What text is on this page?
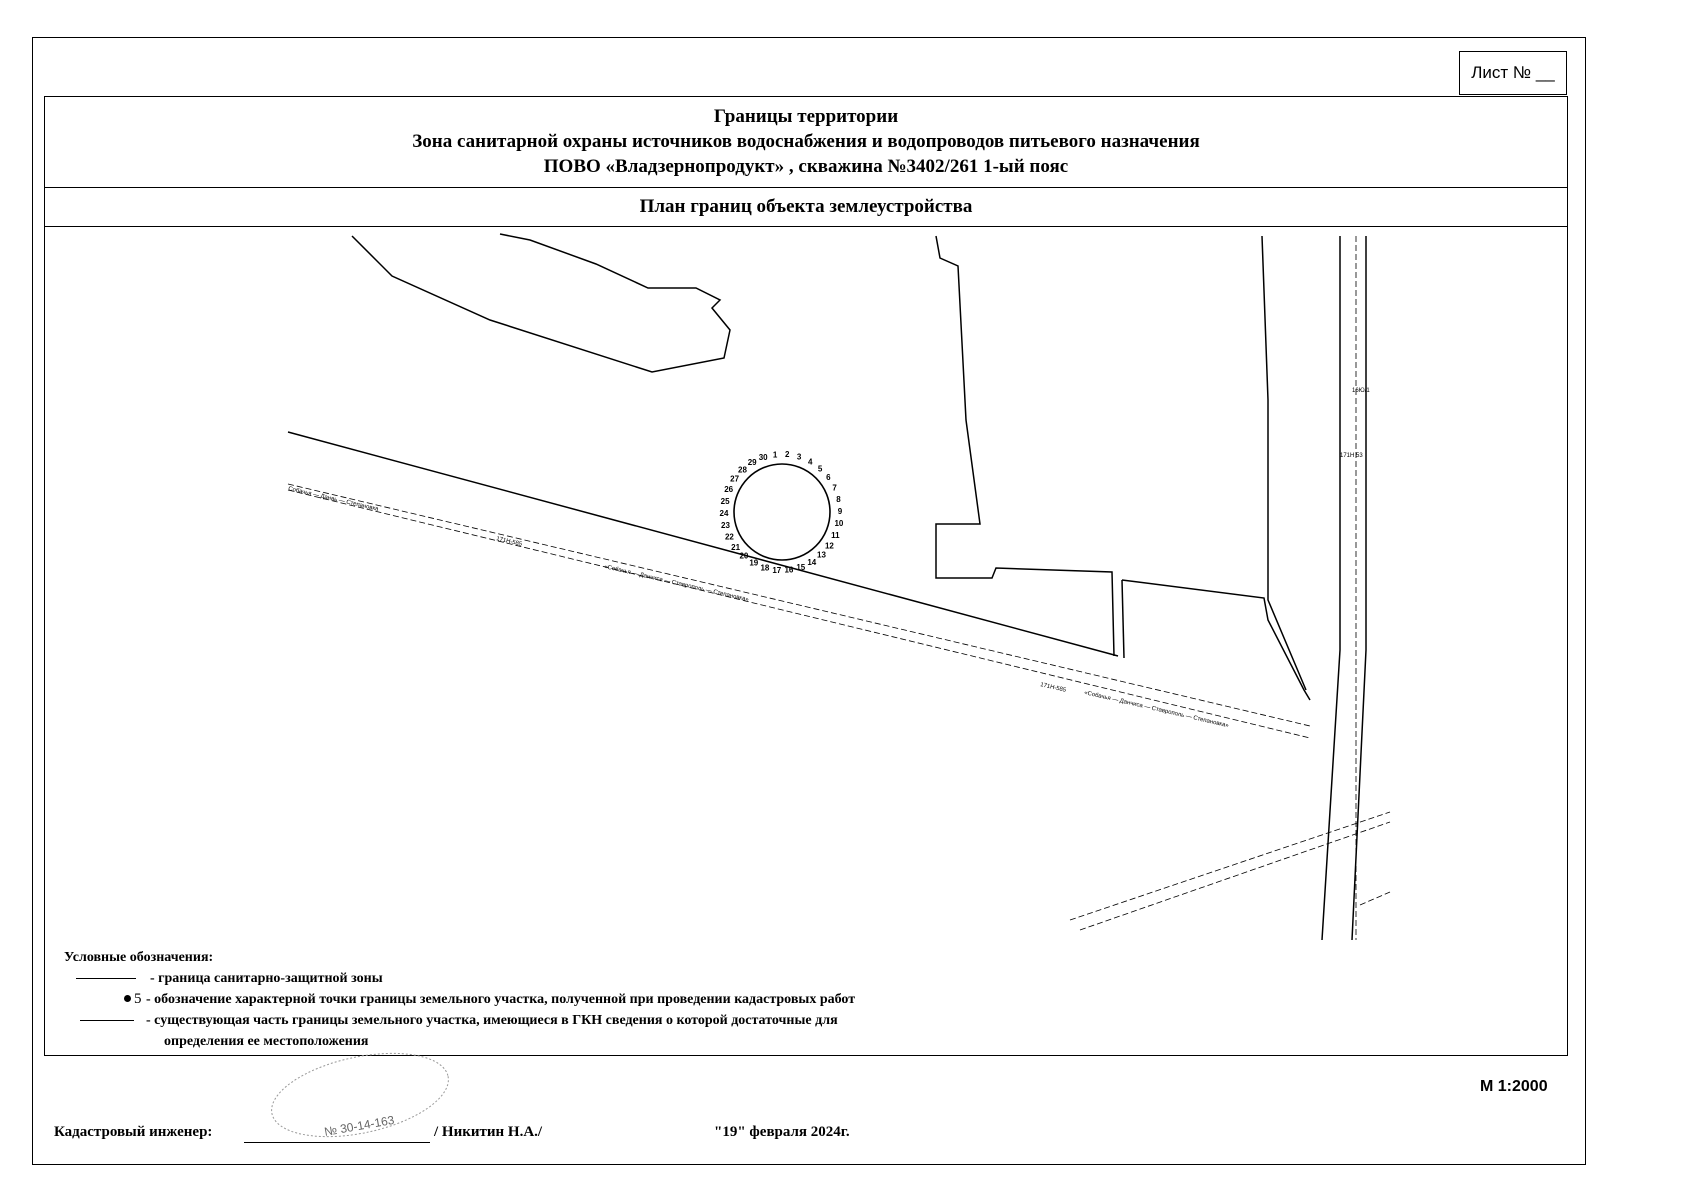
Лист № __
Границы территории
Зона санитарной охраны источников водоснабжения и водопроводов питьевого назначения
ПОВО «Владзернопродукт» , скважина №3402/261 1-ый пояс
План границ объекта землеустройства
1 2 3
4
5
6
7
8
9
10
11
12
13
14
15
16
17
18
19
20
21
22
23
24
25
26
27
28
29
30
Собачья — Данаь — Степановка
171Н-585
«Собачья — Данчиса — Ставрополь — Степановка»
171Н-585
«Собачья — Данчиса — Ставрополь — Степановка»
171Н 53
16Ю/1
Условные обозначения:
- граница санитарно-защитной зоны
5 - обозначение характерной точки границы земельного участка, полученной при проведении кадастровых работ
- существующая часть границы земельного участка, имеющиеся в ГКН сведения о которой достаточные для
определения ее местоположения
М 1:2000
№ 30-14-163
Кадастровый инженер:	/ Никитин Н.А./	"19" февраля 2024г.
